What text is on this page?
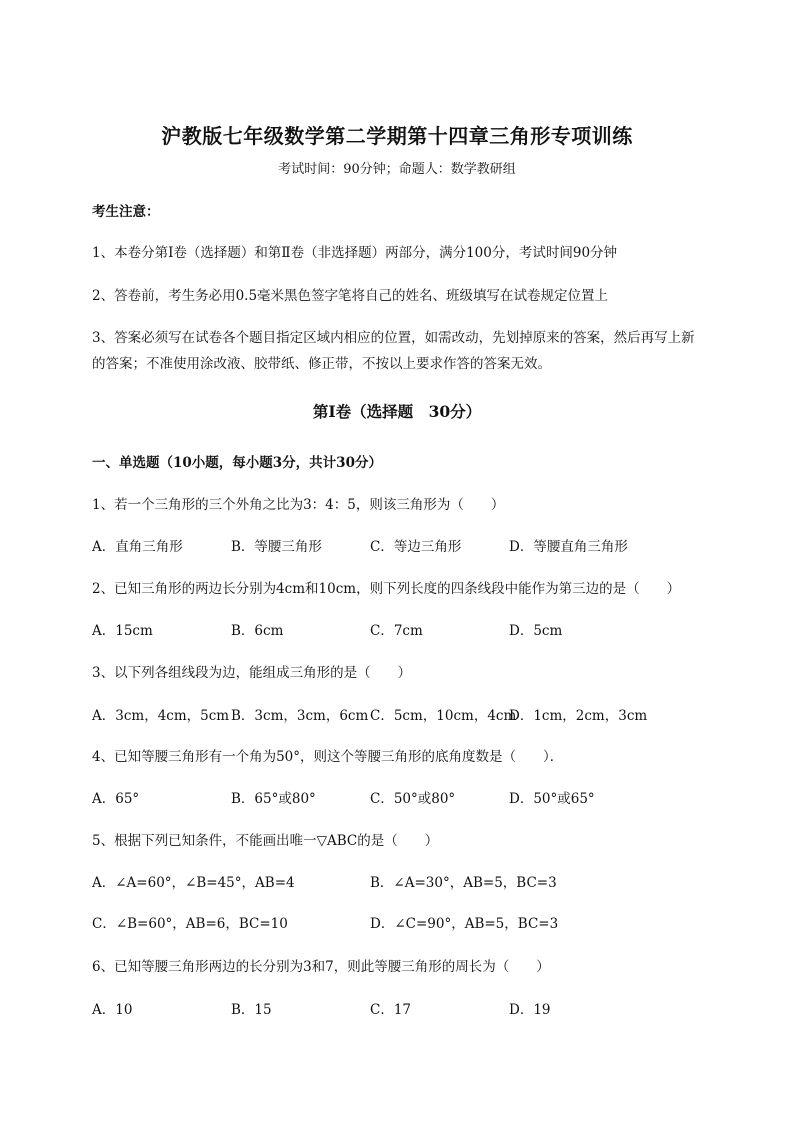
沪教版七年级数学第二学期第十四章三角形专项训练
考试时间：90分钟；命题人：数学教研组
考生注意：
1、本卷分第I卷（选择题）和第Ⅱ卷（非选择题）两部分，满分100分，考试时间90分钟
2、答卷前，考生务必用0.5毫米黑色签字笔将自己的姓名、班级填写在试卷规定位置上
3、答案必须写在试卷各个题目指定区域内相应的位置，如需改动，先划掉原来的答案，然后再写上新
的答案；不准使用涂改液、胶带纸、修正带，不按以上要求作答的答案无效。
第I卷（选择题　30分）
一、单选题（10小题，每小题3分，共计30分）
1、若一个三角形的三个外角之比为3：4：5，则该三角形为（　　）
A．直角三角形	B．等腰三角形	C．等边三角形	D．等腰直角三角形
2、已知三角形的两边长分别为4cm和10cm，则下列长度的四条线段中能作为第三边的是（　　）
A．15cm	B．6cm	C．7cm	D．5cm
3、以下列各组线段为边，能组成三角形的是（　　）
A．3cm，4cm，5cm B．3cm，3cm，6cm C．5cm，10cm，4cm
D．1cm，2cm，3cm
4、已知等腰三角形有一个角为50°，则这个等腰三角形的底角度数是（　　）．
A．65°	B．65°或80°	C．50°或80°	D．50°或65°
5、根据下列已知条件，不能画出唯一▽ABC的是（　　）
A．∠A=60°，∠B=45°，AB=4	B．∠A=30°，AB=5，BC=3
C．∠B=60°，AB=6，BC=10	D．∠C=90°，AB=5，BC=3
6、已知等腰三角形两边的长分别为3和7，则此等腰三角形的周长为（　　）
A．10	B．15	C．17	D．19
